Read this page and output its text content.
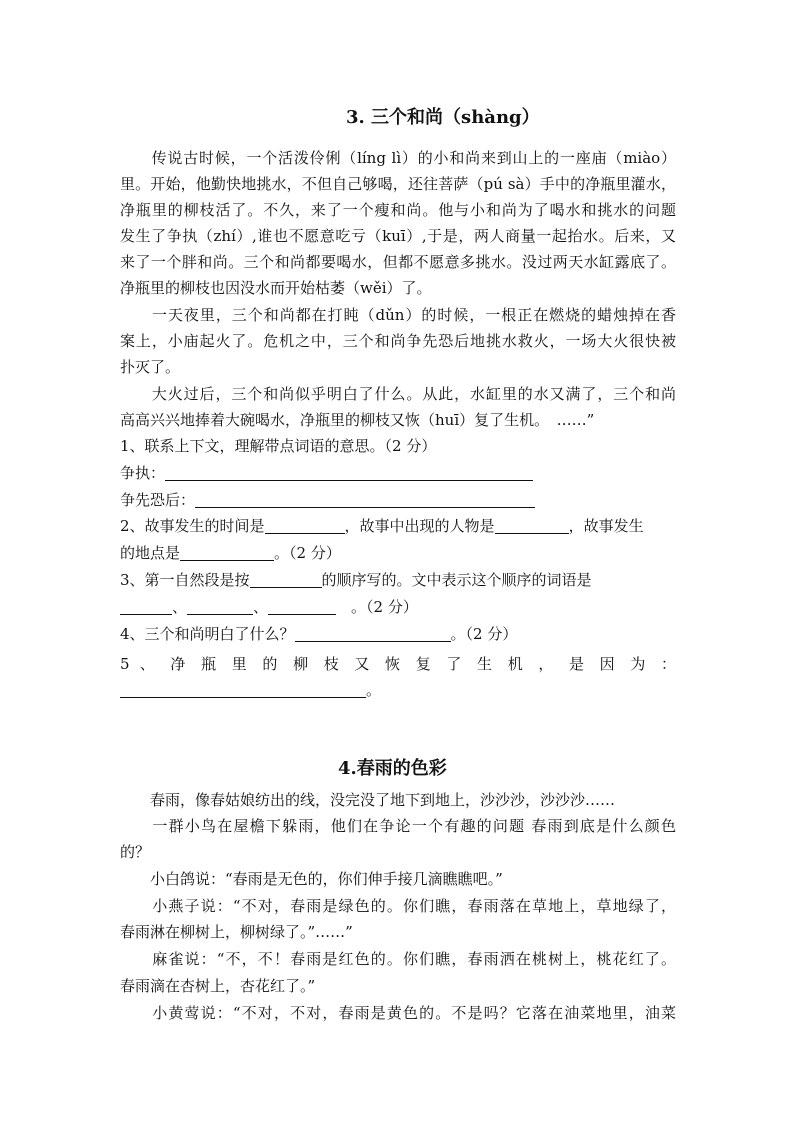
3. 三个和尚（shàng）
　　传说古时候，一个活泼伶俐（líng lì）的小和尚来到山上的一座庙（miào）
里。开始，他勤快地挑水，不但自己够喝，还往菩萨（pú sà）手中的净瓶里灌水，
净瓶里的柳枝活了。不久，来了一个瘦和尚。他与小和尚为了喝水和挑水的问题
发生了争执（zhí）,谁也不愿意吃亏（kuī）,于是，两人商量一起抬水。后来，又
来了一个胖和尚。三个和尚都要喝水，但都不愿意多挑水。没过两天水缸露底了。
净瓶里的柳枝也因没水而开始枯萎（wěi）了。
　　一天夜里，三个和尚都在打盹（dǔn）的时候，一根正在燃烧的蜡烛掉在香
案上，小庙起火了。危机之中，三个和尚争先恐后地挑水救火，一场大火很快被
扑灭了。
　　大火过后，三个和尚似乎明白了什么。从此，水缸里的水又满了，三个和尚
高高兴兴地捧着大碗喝水，净瓶里的柳枝又恢（huī）复了生机。　……”
1、联系上下文，理解带点词语的意思。（2 分）
争执：
争先恐后：
2、故事发生的时间是	，故事中出现的人物是	，故事发生
的地点是	。（2 分）
3、第一自然段是按	的顺序写的。文中表示这个顺序的词语是
、	、	　。（2 分）
4、三个和尚明白了什么？	。（2 分）
5 、 净 瓶 里 的 柳 枝 又 恢 复 了 生 机 ， 是 因 为 ：
。
4.春雨的色彩
　　春雨，像春姑娘纺出的线，没完没了地下到地上，沙沙沙，沙沙沙……
　　一群小鸟在屋檐下躲雨，他们在争论一个有趣的问题 春雨到底是什么颜色
的？
　　小白鸽说：“春雨是无色的，你们伸手接几滴瞧瞧吧。”
　　小燕子说：“不对，春雨是绿色的。你们瞧，春雨落在草地上，草地绿了，
春雨淋在柳树上，柳树绿了。”……”
　　麻雀说：“不，不！春雨是红色的。你们瞧，春雨洒在桃树上，桃花红了。
春雨滴在杏树上，杏花红了。”
　　小黄莺说：“不对，不对，春雨是黄色的。不是吗？它落在油菜地里，油菜
